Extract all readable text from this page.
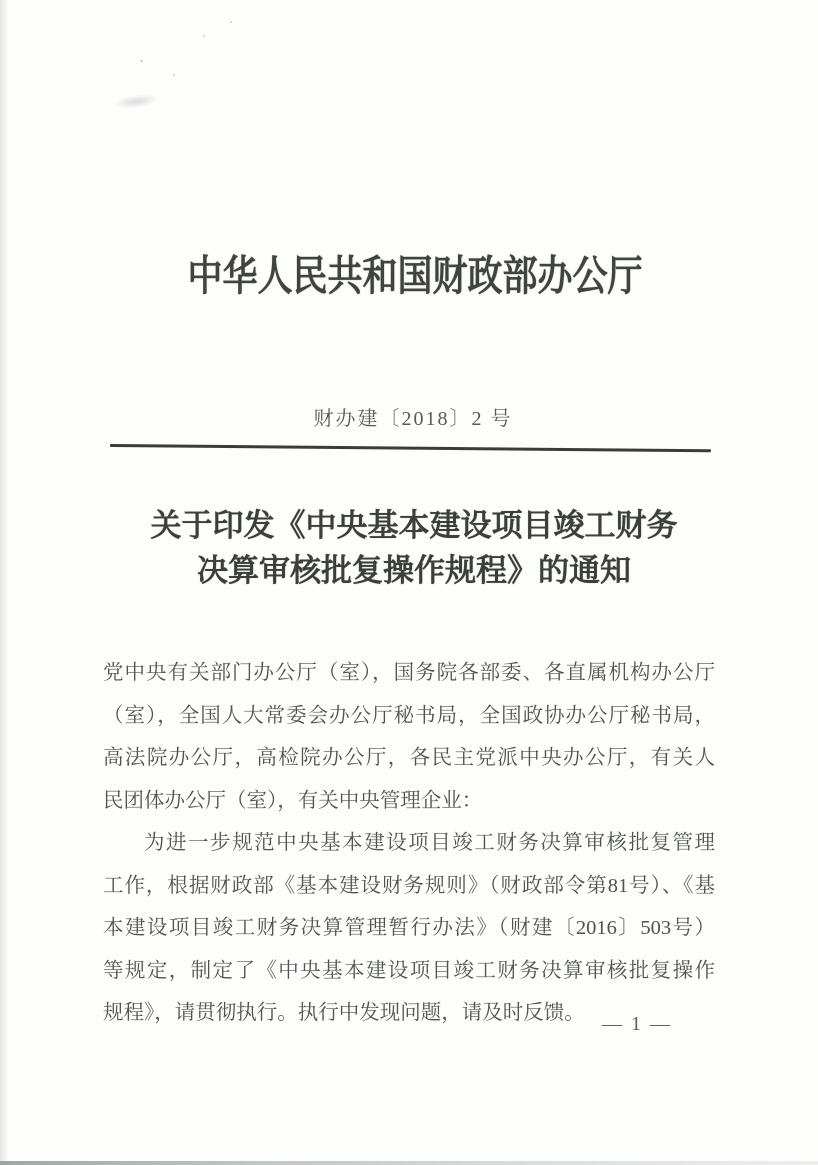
中华人民共和国财政部办公厅
财办建〔2018〕2 号
关于印发《中央基本建设项目竣工财务
决算审核批复操作规程》的通知

党中央有关部门办公厅（室），国务院各部委、各直属机构办公厅

（室），全国人大常委会办公厅秘书局，全国政协办公厅秘书局，

高法院办公厅，高检院办公厅，各民主党派中央办公厅，有关人

民团体办公厅（室），有关中央管理企业：

为进一步规范中央基本建设项目竣工财务决算审核批复管理

工作，根据财政部《基本建设财务规则》（财政部令第81号）、《基

本建设项目竣工财务决算管理暂行办法》（财建〔2016〕503号）

等规定，制定了《中央基本建设项目竣工财务决算审核批复操作

规程》，请贯彻执行。执行中发现问题，请及时反馈。 — 1 —
